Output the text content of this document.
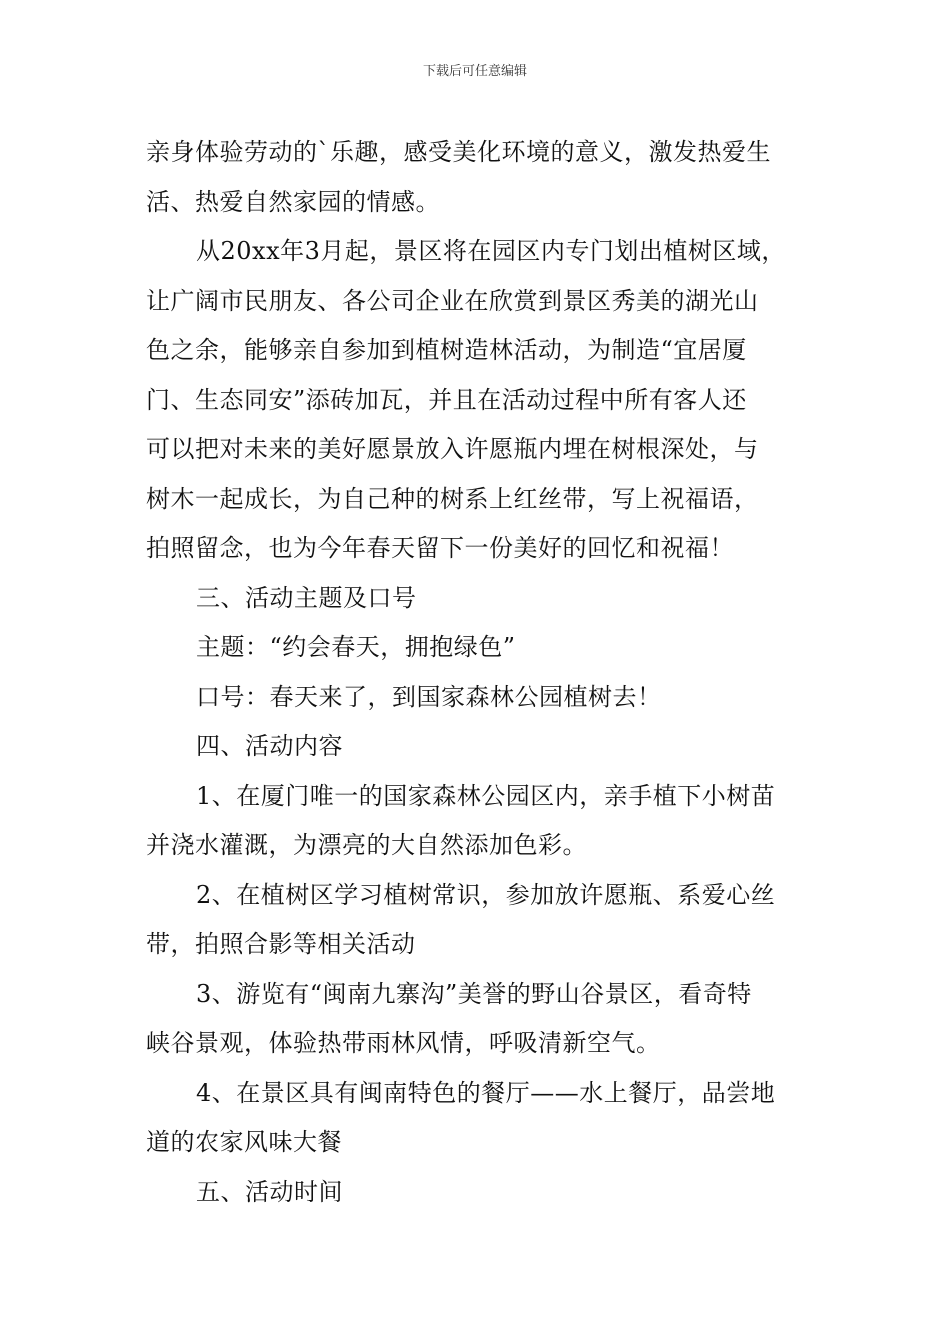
下载后可任意编辑
亲身体验劳动的`乐趣，感受美化环境的意义，激发热爱生
活、热爱自然家园的情感。
从20xx年3月起，景区将在园区内专门划出植树区域，
让广阔市民朋友、各公司企业在欣赏到景区秀美的湖光山
色之余，能够亲自参加到植树造林活动，为制造“宜居厦
门、生态同安”添砖加瓦，并且在活动过程中所有客人还
可以把对未来的美好愿景放入许愿瓶内埋在树根深处，与
树木一起成长，为自己种的树系上红丝带，写上祝福语，
拍照留念，也为今年春天留下一份美好的回忆和祝福！
三、活动主题及口号
主题：“约会春天，拥抱绿色”
口号：春天来了，到国家森林公园植树去！
四、活动内容
1、在厦门唯一的国家森林公园区内，亲手植下小树苗
并浇水灌溉，为漂亮的大自然添加色彩。
2、在植树区学习植树常识，参加放许愿瓶、系爱心丝
带，拍照合影等相关活动
3、游览有“闽南九寨沟”美誉的野山谷景区，看奇特
峡谷景观，体验热带雨林风情，呼吸清新空气。
4、在景区具有闽南特色的餐厅——水上餐厅，品尝地
道的农家风味大餐
五、活动时间
